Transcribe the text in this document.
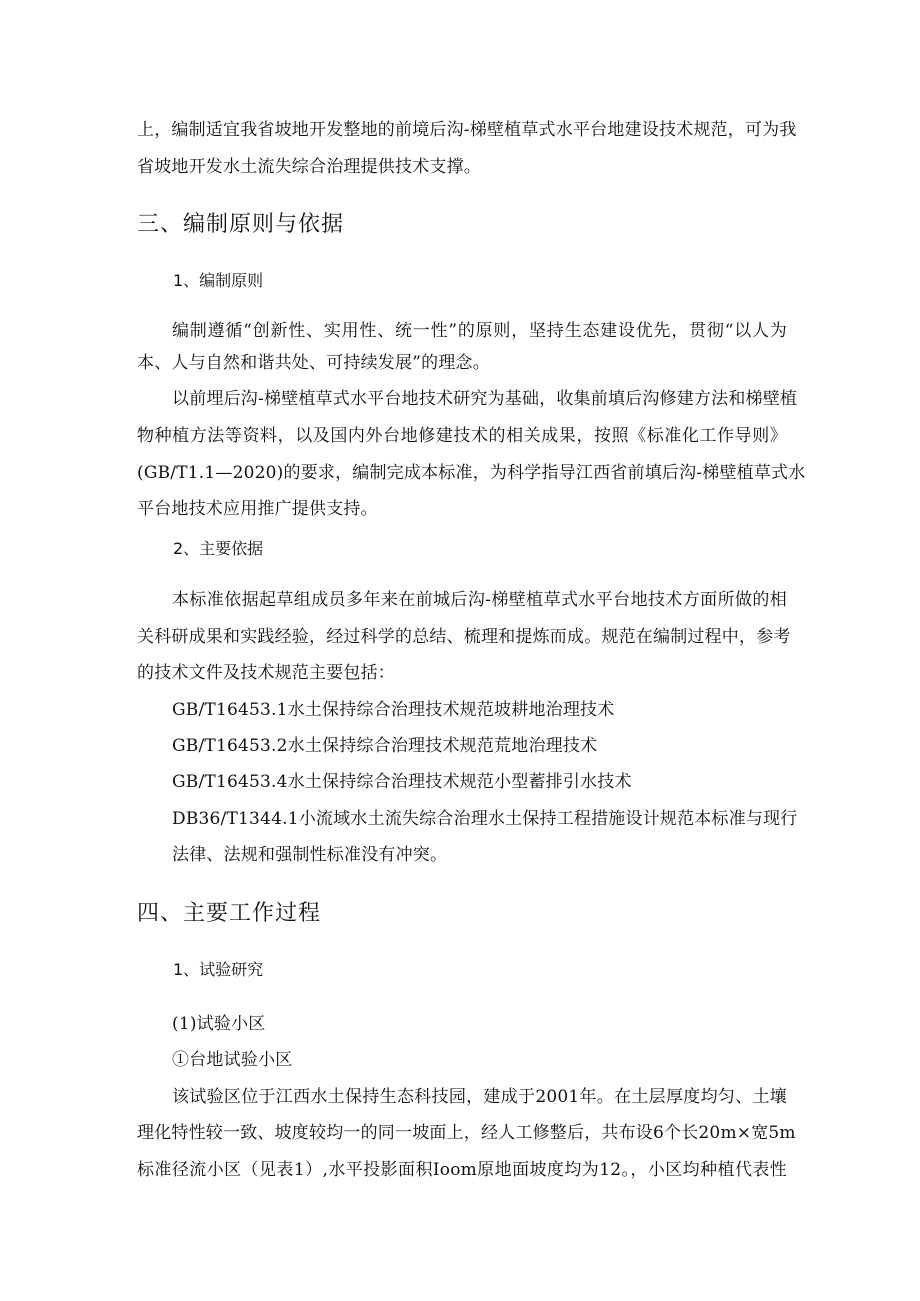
上，编制适宜我省坡地开发整地的前境后沟-梯壁植草式水平台地建设技术规范，可为我
省坡地开发水土流失综合治理提供技术支撑。
三、编制原则与依据
1、编制原则
编制遵循“创新性、实用性、统一性”的原则，坚持生态建设优先，贯彻“以人为
本、人与自然和谐共处、可持续发展”的理念。
以前埋后沟-梯壁植草式水平台地技术研究为基础，收集前填后沟修建方法和梯壁植
物种植方法等资料，以及国内外台地修建技术的相关成果，按照《标准化工作导则》
(GB/T1.1—2020)的要求，编制完成本标准，为科学指导江西省前填后沟-梯壁植草式水
平台地技术应用推广提供支持。
2、主要依据
本标准依据起草组成员多年来在前城后沟-梯壁植草式水平台地技术方面所做的相
关科研成果和实践经验，经过科学的总结、梳理和提炼而成。规范在编制过程中，参考
的技术文件及技术规范主要包括：
GB/T16453.1水土保持综合治理技术规范坡耕地治理技术
GB/T16453.2水土保持综合治理技术规范荒地治理技术
GB/T16453.4水土保持综合治理技术规范小型蓄排引水技术
DB36/T1344.1小流域水土流失综合治理水土保持工程措施设计规范本标准与现行
法律、法规和强制性标准没有冲突。
四、主要工作过程
1、试验研究
(1)试验小区
①台地试验小区
该试验区位于江西水土保持生态科技园，建成于2001年。在土层厚度均匀、土壤
理化特性较一致、坡度较均一的同一坡面上，经人工修整后，共布设6个长20m×宽5m
标准径流小区（见表1）,水平投影面积Ioom原地面坡度均为12。，小区均种植代表性
